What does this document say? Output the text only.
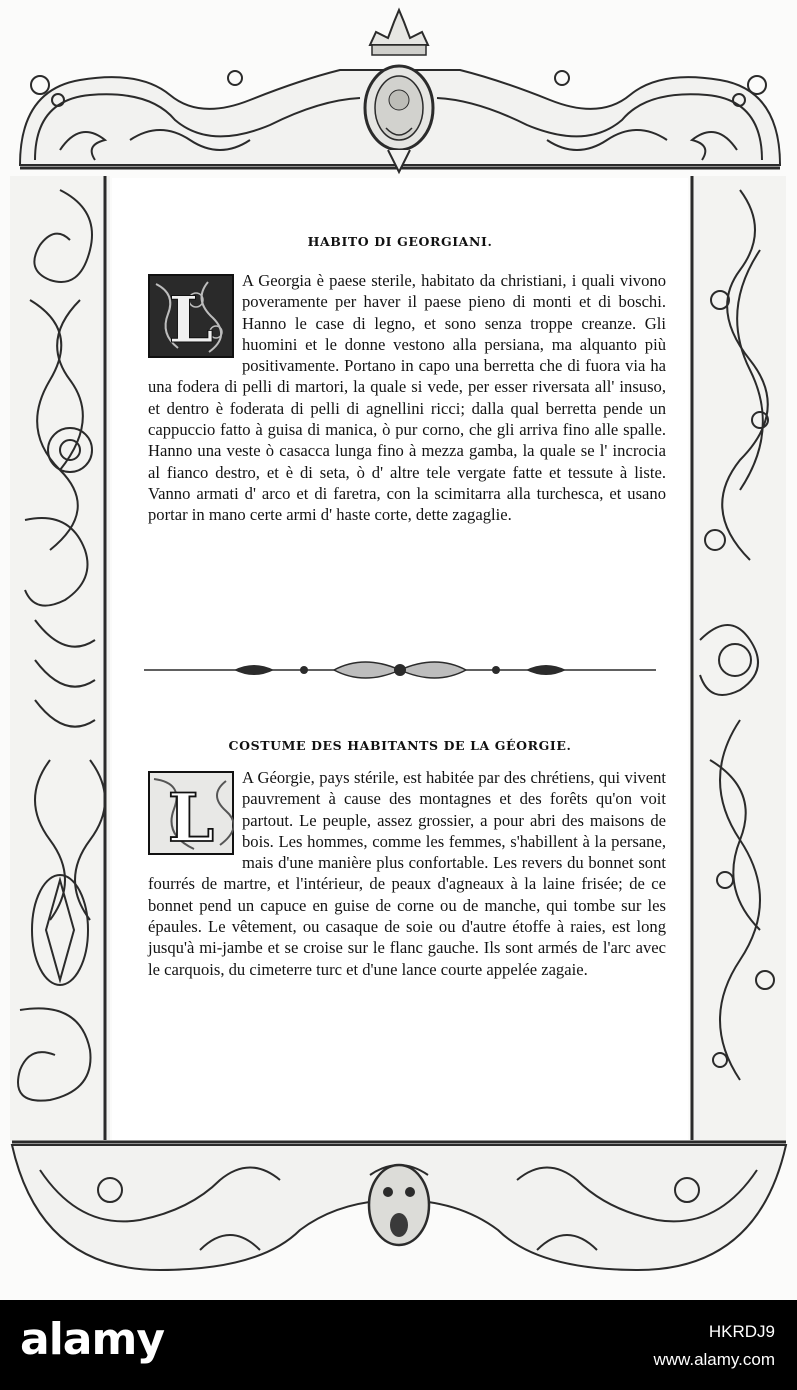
HABITO DI GEORGIANI.
L
A Georgia è paese sterile, habitato da christiani, i quali vivono poveramente per haver il paese pieno di monti et di boschi. Hanno le case di legno, et sono senza troppe creanze. Gli huomini et le donne vestono alla persiana, ma alquanto più positivamente. Portano in capo una berretta che di fuora via ha una fodera di pelli di martori, la quale si vede, per esser riversata all' insuso, et dentro è foderata di pelli di agnellini ricci; dalla qual berretta pende un cappuccio fatto à guisa di manica, ò pur corno, che gli arriva fino alle spalle. Hanno una veste ò casacca lunga fino à mezza gamba, la quale se l' incrocia al fianco destro, et è di seta, ò d' altre tele vergate fatte et tessute à liste. Vanno armati d' arco et di faretra, con la scimitarra alla turchesca, et usano portar in mano certe armi d' haste corte, dette zagaglie.
COSTUME DES HABITANTS DE LA GÉORGIE.
L
A Géorgie, pays stérile, est habitée par des chrétiens, qui vivent pauvrement à cause des montagnes et des forêts qu'on voit partout. Le peuple, assez grossier, a pour abri des maisons de bois. Les hommes, comme les femmes, s'habillent à la persane, mais d'une manière plus confortable. Les revers du bonnet sont fourrés de martre, et l'intérieur, de peaux d'agneaux à la laine frisée; de ce bonnet pend un capuce en guise de corne ou de manche, qui tombe sur les épaules. Le vêtement, ou casaque de soie ou d'autre étoffe à raies, est long jusqu'à mi-jambe et se croise sur le flanc gauche. Ils sont armés de l'arc avec le carquois, du cimeterre turc et d'une lance courte appelée zagaie.
alamy	HKRDJ9
www.alamy.com
